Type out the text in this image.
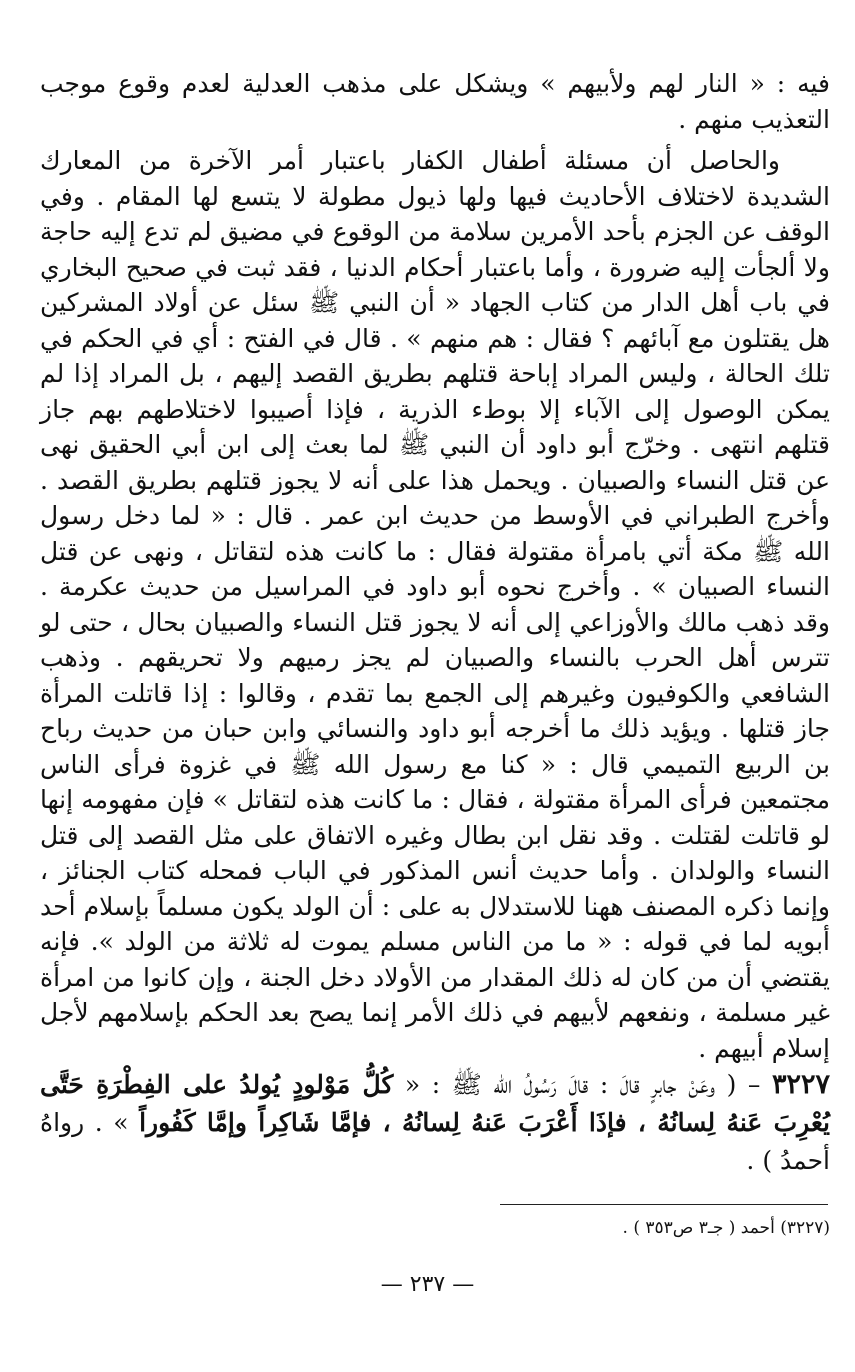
فيه : « النار لهم ولأبيهم » ويشكل على مذهب العدلية لعدم وقوع موجب التعذيب منهم .

والحاصل أن مسئلة أطفال الكفار باعتبار أمر الآخرة من المعارك الشديدة لاختلاف الأحاديث فيها ولها ذيول مطولة لا يتسع لها المقام . وفي الوقف عن الجزم بأحد الأمرين سلامة من الوقوع في مضيق لم تدع إليه حاجة ولا ألجأت إليه ضرورة ، وأما باعتبار أحكام الدنيا ، فقد ثبت في صحيح البخاري في باب أهل الدار من كتاب الجهاد « أن النبي ﷺ سئل عن أولاد المشركين هل يقتلون مع آبائهم ؟ فقال : هم منهم » . قال في الفتح : أي في الحكم في تلك الحالة ، وليس المراد إباحة قتلهم بطريق القصد إليهم ، بل المراد إذا لم يمكن الوصول إلى الآباء إلا بوطء الذرية ، فإذا أصيبوا لاختلاطهم بهم جاز قتلهم انتهى . وخرّج أبو داود أن النبي ﷺ لما بعث إلى ابن أبي الحقيق نهى عن قتل النساء والصبيان . ويحمل هذا على أنه لا يجوز قتلهم بطريق القصد . وأخرج الطبراني في الأوسط من حديث ابن عمر . قال : « لما دخل رسول الله ﷺ مكة أتي بامرأة مقتولة فقال : ما كانت هذه لتقاتل ، ونهى عن قتل النساء الصبيان » . وأخرج نحوه أبو داود في المراسيل من حديث عكرمة . وقد ذهب مالك والأوزاعي إلى أنه لا يجوز قتل النساء والصبيان بحال ، حتى لو تترس أهل الحرب بالنساء والصبيان لم يجز رميهم ولا تحريقهم . وذهب الشافعي والكوفيون وغيرهم إلى الجمع بما تقدم ، وقالوا : إذا قاتلت المرأة جاز قتلها . ويؤيد ذلك ما أخرجه أبو داود والنسائي وابن حبان من حديث رباح بن الربيع التميمي قال : « كنا مع رسول الله ﷺ في غزوة فرأى الناس مجتمعين فرأى المرأة مقتولة ، فقال : ما كانت هذه لتقاتل » فإن مفهومه إنها لو قاتلت لقتلت . وقد نقل ابن بطال وغيره الاتفاق على مثل القصد إلى قتل النساء والولدان . وأما حديث أنس المذكور في الباب فمحله كتاب الجنائز ، وإنما ذكره المصنف ههنا للاستدلال به على : أن الولد يكون مسلماً بإسلام أحد أبويه لما في قوله : « ما من الناس مسلم يموت له ثلاثة من الولد ». فإنه يقتضي أن من كان له ذلك المقدار من الأولاد دخل الجنة ، وإن كانوا من امرأة غير مسلمة ، ونفعهم لأبيهم في ذلك الأمر إنما يصح بعد الحكم بإسلامهم لأجل إسلام أبيهم .

٣٢٢٧ – ( وعَنْ جابرٍ قالَ : قالَ رَسُولُ الله ﷺ : « كُلُّ مَوْلودٍ يُولدُ على الفِطْرَةِ حَتَّى يُعْرِبَ عَنهُ لِسانُهُ ، فإذَا أَعْرَبَ عَنهُ لِسانُهُ ، فإمَّا شَاكِراً وإمَّا كَفُوراً » . رواهُ أحمدُ ) .
(٣٢٢٧) أحمد ( جـ٣ ص٣٥٣ ) .
— ٢٣٧ —
